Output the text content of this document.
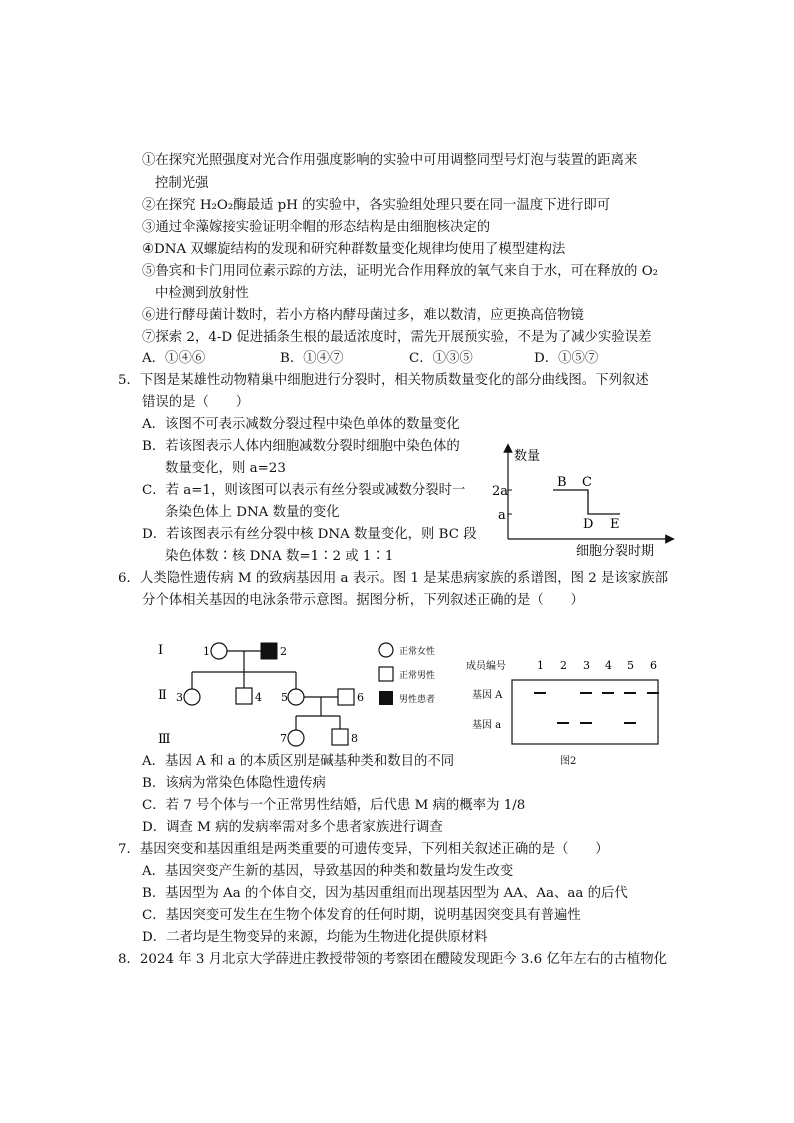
①在探究光照强度对光合作用强度影响的实验中可用调整同型号灯泡与装置的距离来
控制光强
②在探究 H₂O₂酶最适 pH 的实验中，各实验组处理只要在同一温度下进行即可
③通过伞藻嫁接实验证明伞帽的形态结构是由细胞核决定的
④DNA 双螺旋结构的发现和研究种群数量变化规律均使用了模型建构法
⑤鲁宾和卡门用同位素示踪的方法，证明光合作用释放的氧气来自于水，可在释放的 O₂
中检测到放射性
⑥进行酵母菌计数时，若小方格内酵母菌过多，难以数清，应更换高倍物镜
⑦探索 2，4-D 促进插条生根的最适浓度时，需先开展预实验，不是为了减少实验误差
A．①④⑥	B．①④⑦	C．①③⑤	D．①⑤⑦
5．下图是某雄性动物精巢中细胞进行分裂时，相关物质数量变化的部分曲线图。下列叙述
错误的是（　　）
A．该图不可表示减数分裂过程中染色单体的数量变化
B．若该图表示人体内细胞减数分裂时细胞中染色体的
数量变化，则 a=23
C．若 a=1，则该图可以表示有丝分裂或减数分裂时一
条染色体上 DNA 数量的变化
D．若该图表示有丝分裂中核 DNA 数量变化，则 BC 段
染色体数∶核 DNA 数=1∶2 或 1∶1
数量
细胞分裂时期
2a
a
B C
D E
6．人类隐性遗传病 M 的致病基因用 a 表示。图 1 是某患病家族的系谱图，图 2 是该家族部
分个体相关基因的电泳条带示意图。据图分析，下列叙述正确的是（　　）
Ⅰ
Ⅱ
Ⅲ
1	2
3	4 5	6
7	8
正常女性
正常男性
男性患者
成员编号	1 2 3 4 5 6
基因 A
基因 a
图2
A．基因 A 和 a 的本质区别是碱基种类和数目的不同
B．该病为常染色体隐性遗传病
C．若 7 号个体与一个正常男性结婚，后代患 M 病的概率为 1/8
D．调查 M 病的发病率需对多个患者家族进行调查
7．基因突变和基因重组是两类重要的可遗传变异，下列相关叙述正确的是（　　）
A．基因突变产生新的基因，导致基因的种类和数量均发生改变
B．基因型为 Aa 的个体自交，因为基因重组而出现基因型为 AA、Aa、aa 的后代
C．基因突变可发生在生物个体发育的任何时期，说明基因突变具有普遍性
D．二者均是生物变异的来源，均能为生物进化提供原材料
8．2024 年 3 月北京大学薛进庄教授带领的考察团在醴陵发现距今 3.6 亿年左右的古植物化
